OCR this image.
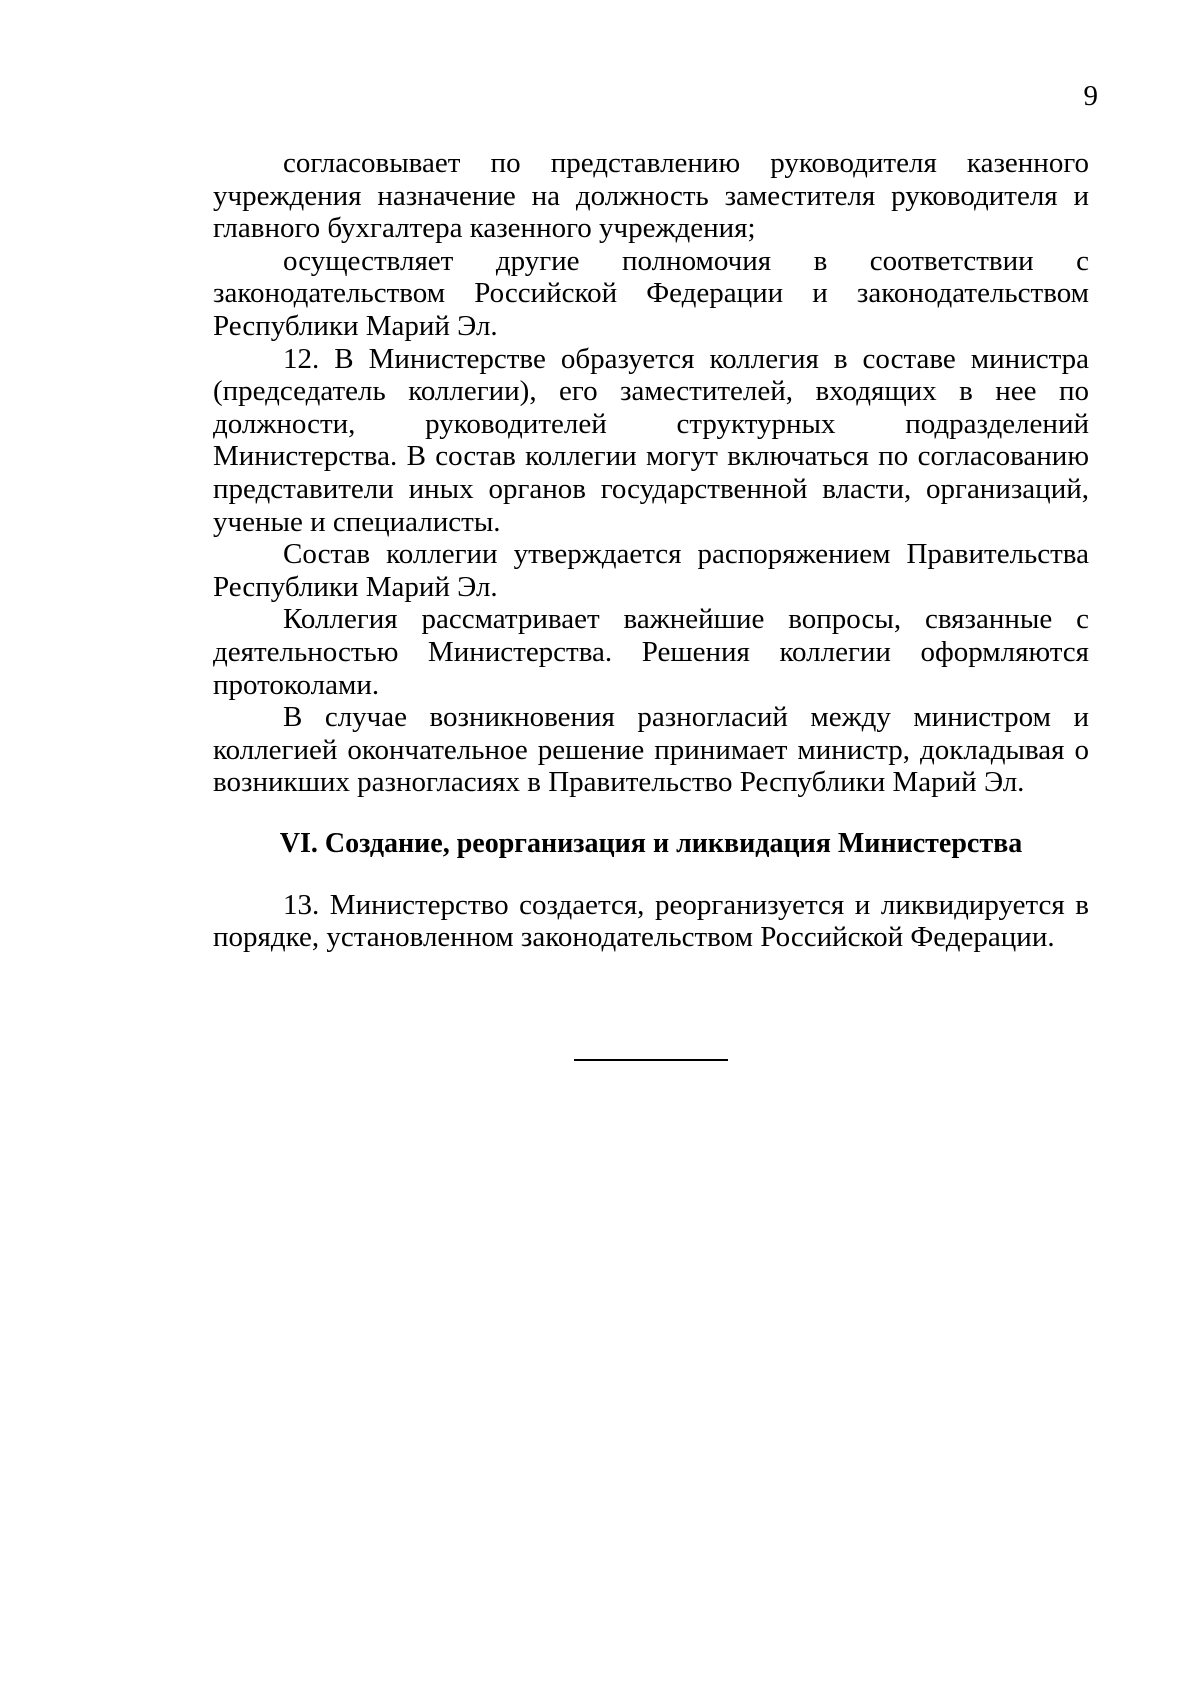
9

согласовывает по представлению руководителя казенного учреждения назначение на должность заместителя руководителя и главного бухгалтера казенного учреждения;

осуществляет другие полномочия в соответствии с законодательством Российской Федерации и законодательством Республики Марий Эл.

12. В Министерстве образуется коллегия в составе министра (председатель коллегии), его заместителей, входящих в нее по должности, руководителей структурных подразделений Министерства. В состав коллегии могут включаться по согласованию представители иных органов государственной власти, организаций, ученые и специалисты.

Состав коллегии утверждается распоряжением Правительства Республики Марий Эл.

Коллегия рассматривает важнейшие вопросы, связанные с деятельностью Министерства. Решения коллегии оформляются протоколами.

В случае возникновения разногласий между министром и коллегией окончательное решение принимает министр, докладывая о возникших разногласиях в Правительство Республики Марий Эл.

VI. Создание, реорганизация и ликвидация Министерства

13. Министерство создается, реорганизуется и ликвидируется в порядке, установленном законодательством Российской Федерации.
